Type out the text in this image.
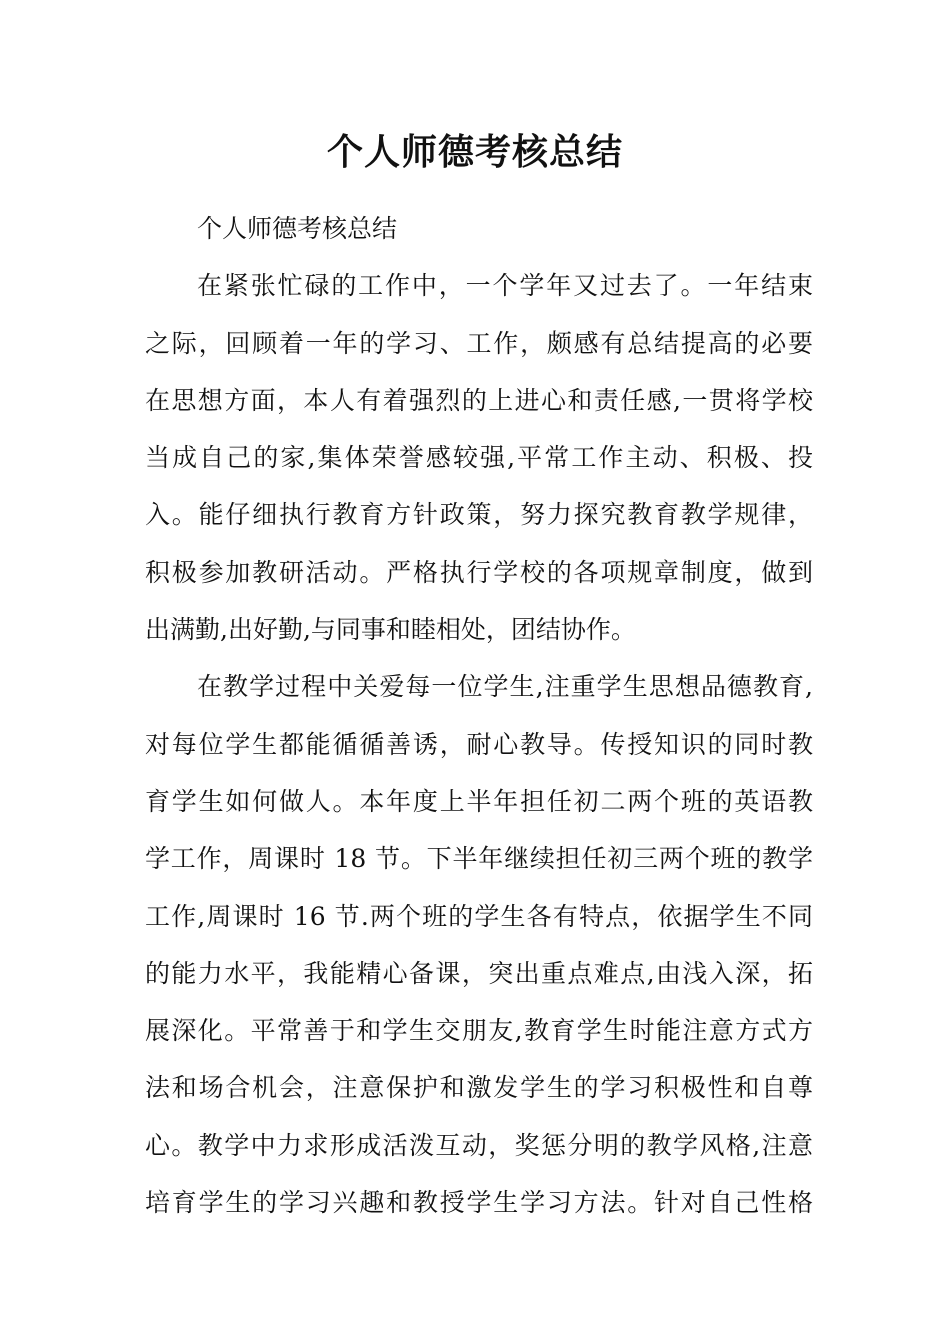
个人师德考核总结
个人师德考核总结
在紧张忙碌的工作中，一个学年又过去了。一年结束
之际，回顾着一年的学习、工作，颇感有总结提高的必要
在思想方面，本人有着强烈的上进心和责任感,一贯将学校
当成自己的家,集体荣誉感较强,平常工作主动、积极、投
入。能仔细执行教育方针政策，努力探究教育教学规律，
积极参加教研活动。严格执行学校的各项规章制度，做到
出满勤,出好勤,与同事和睦相处，团结协作。
在教学过程中关爱每一位学生,注重学生思想品德教育,
对每位学生都能循循善诱，耐心教导。传授知识的同时教
育学生如何做人。本年度上半年担任初二两个班的英语教
学工作，周课时 18 节。下半年继续担任初三两个班的教学
工作,周课时 16 节.两个班的学生各有特点，依据学生不同
的能力水平，我能精心备课，突出重点难点,由浅入深，拓
展深化。平常善于和学生交朋友,教育学生时能注意方式方
法和场合机会，注意保护和激发学生的学习积极性和自尊
心。教学中力求形成活泼互动，奖惩分明的教学风格,注意
培育学生的学习兴趣和教授学生学习方法。针对自己性格
